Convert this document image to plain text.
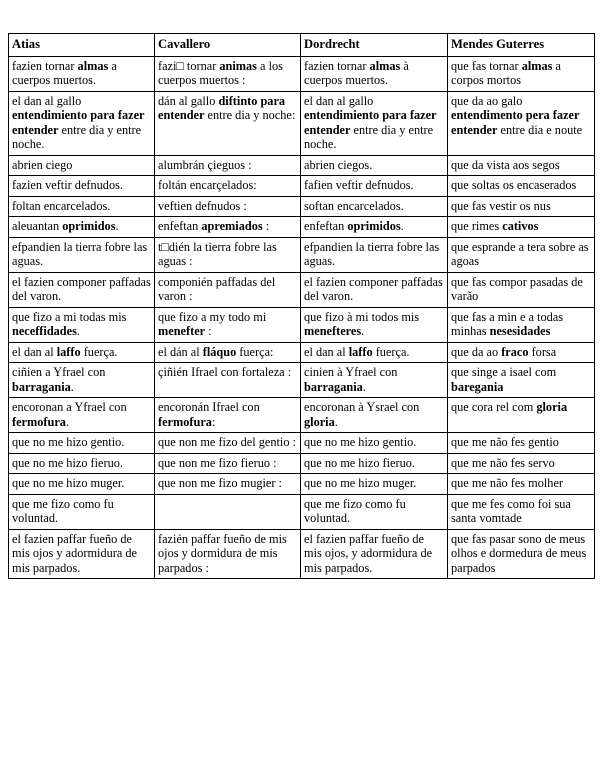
Atias	Cavallero	Dordrecht	Mendes Guterres
fazien tornar almas a cuerpos muertos.	fazi□ tornar animas a los cuerpos muertos :	fazien tornar almas à cuerpos muertos.	que fas tornar almas a corpos mortos
el dan al gallo entendimiento para fazer entender entre dia y entre noche.	dán al gallo diftinto para entender entre dia y noche:	el dan al gallo entendimiento para fazer entender entre dia y entre noche.	que da ao galo entendimento pera fazer entender entre dia e noute
abrien ciego	alumbrán çieguos :	abrien ciegos.	que da vista aos segos
fazien veftir defnudos.	foltán encarçelados:	fafien veftir defnudos.	que soltas os encaserados
foltan encarcelados.	veftien defnudos :	softan encarcelados.	que fas vestir os nus
aleuantan oprimidos.	enfeftan apremiados :	enfeftan oprimidos.	que rimes cativos
efpandien la tierra fobre las aguas.	t□dién la tierra fobre las aguas :	efpandien la tierra fobre las aguas.	que esprande a tera sobre as agoas
el fazien componer paffadas del varon.	componién paffadas del varon :	el fazien componer paffadas del varon.	que fas compor pasadas de varão
que fizo a mi todas mis neceffidades.	que fizo a my todo mi menefter :	que fizo à mi todos mis menefteres.	que fas a min e a todas minhas nesesidades
el dan al laffo fuerça.	el dán al fláquo fuerça:	el dan al laffo fuerça.	que da ao fraco forsa
ciñien a Yfrael con barragania.	çiñién Ifrael con fortaleza :	cinien à Yfrael con barragania.	que singe a isael com baregania
encoronan a Yfrael con fermofura.	encoronán Ifrael con fermofura:	encoronan à Ysrael con gloria.	que cora rel com gloria
que no me hizo gentio.	que non me fizo del gentio :	que no me hizo gentio.	que me não fes gentio
que no me hizo fieruo.	que non me fizo fieruo :	que no me hizo fieruo.	que me não fes servo
que no me hizo muger.	que non me fizo mugier :	que no me hizo muger.	que me não fes molher
que me fizo como fu voluntad.		que me fizo como fu voluntad.	que me fes como foi sua santa vomtade
el fazien paffar fueño de mis ojos y adormidura de mis parpados.	fazién paffar fueño de mis ojos y dormidura de mis parpados :	el fazien paffar fueño de mis ojos, y adormidura de mis parpados.	que fas pasar sono de meus olhos e dormedura de meus parpados
